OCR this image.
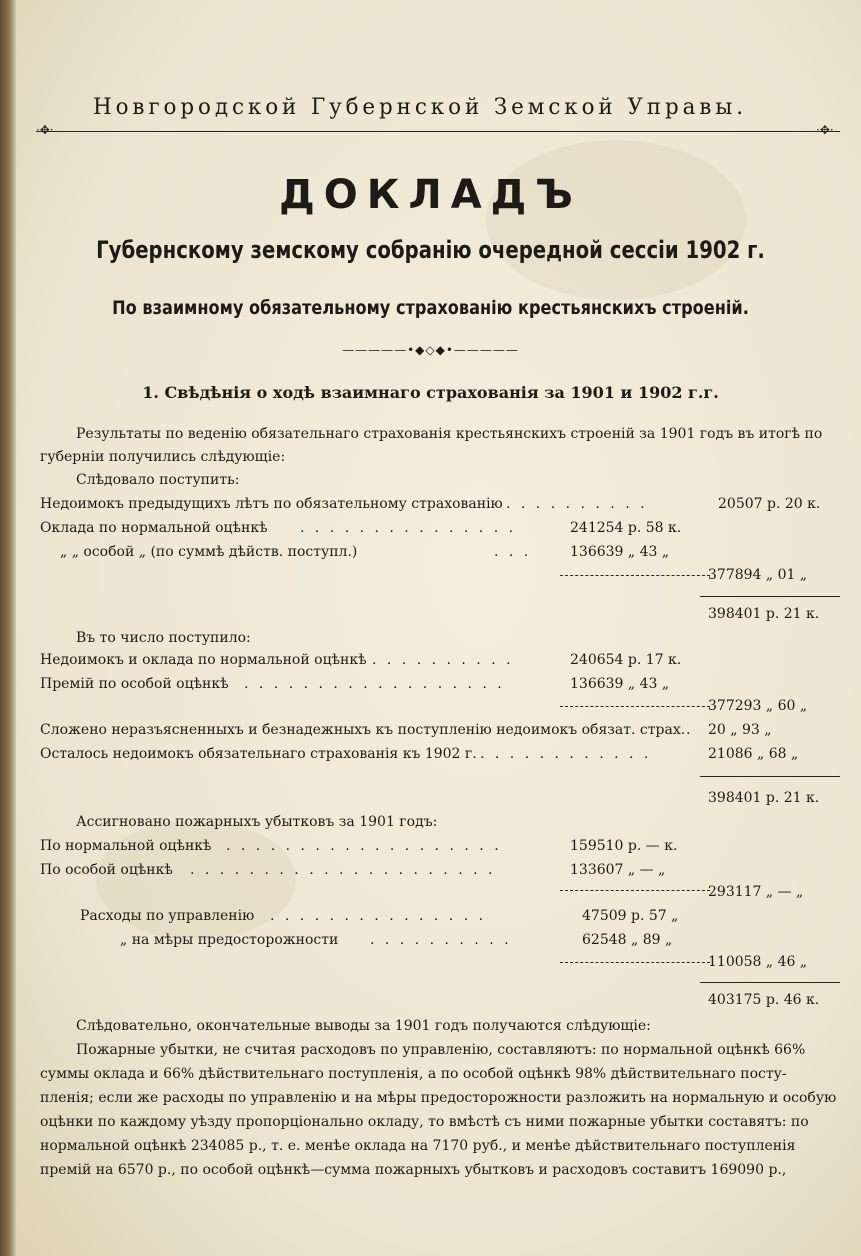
Новгородской Губернской Земской Управы.
·✥·	·✥·
ДОКЛАДЪ
Губернскому земскому собранію очередной сессіи 1902 г.
По взаимному обязательному страхованію крестьянскихъ строеній.
—————•◆◇◆•—————
1. Свѣдѣнія о ходѣ взаимнаго страхованія за 1901 и 1902 г.г.
Результаты по веденію обязательнаго страхованія крестьянскихъ строеній за 1901 годъ въ итогѣ по
губерніи получились слѣдующіе:
Слѣдовало поступить:
Недоимокъ предыдущихъ лѣтъ по обязательному страхованію . . . . . . . . . .	20507 р. 20 к.
Оклада по нормальной оцѣнкѣ . . . . . . . . . . . . . . .	241254 р. 58 к.
„ „ особой „ (по суммѣ дѣйств. поступл.)	. . .	136639 „ 43 „
377894 „ 01 „
398401 р. 21 к.
Въ то число поступило:
Недоимокъ и оклада по нормальной оцѣнкѣ . . . . . . . . . .	240654 р. 17 к.
Премій по особой оцѣнкѣ . . . . . . . . . . . . . . . . . .	136639 „ 43 „
377293 „ 60 „
Сложено неразъясненныхъ и безнадежныхъ къ поступленію недоимокъ обязат. страх. . 20 „ 93 „
Осталось недоимокъ обязательнаго страхованія къ 1902 г. . . . . . . . . . . . .	21086 „ 68 „
398401 р. 21 к.
Ассигновано пожарныхъ убытковъ за 1901 годъ:
По нормальной оцѣнкѣ . . . . . . . . . . . . . . . . . . .	159510 р. — к.
По особой оцѣнкѣ . . . . . . . . . . . . . . . . . . . . .	133607 „ — „
293117 „ — „
Расходы по управленію . . . . . . . . . . . . . . .	47509 р. 57 „
„ на мѣры предосторожности . . . . . . . . . .	62548 „ 89 „
110058 „ 46 „
403175 р. 46 к.
Слѣдовательно, окончательные выводы за 1901 годъ получаются слѣдующіе:
Пожарные убытки, не считая расходовъ по управленію, составляютъ: по нормальной оцѣнкѣ 66%
суммы оклада и 66% дѣйствительнаго поступленія, а по особой оцѣнкѣ 98% дѣйствительнаго посту-
пленія; если же расходы по управленію и на мѣры предосторожности разложить на нормальную и особую
оцѣнки по каждому уѣзду пропорціонально окладу, то вмѣстѣ съ ними пожарные убытки составятъ: по
нормальной оцѣнкѣ 234085 р., т. е. менѣе оклада на 7170 руб., и менѣе дѣйствительнаго поступленія
премій на 6570 р., по особой оцѣнкѣ—сумма пожарныхъ убытковъ и расходовъ составитъ 169090 р.,
